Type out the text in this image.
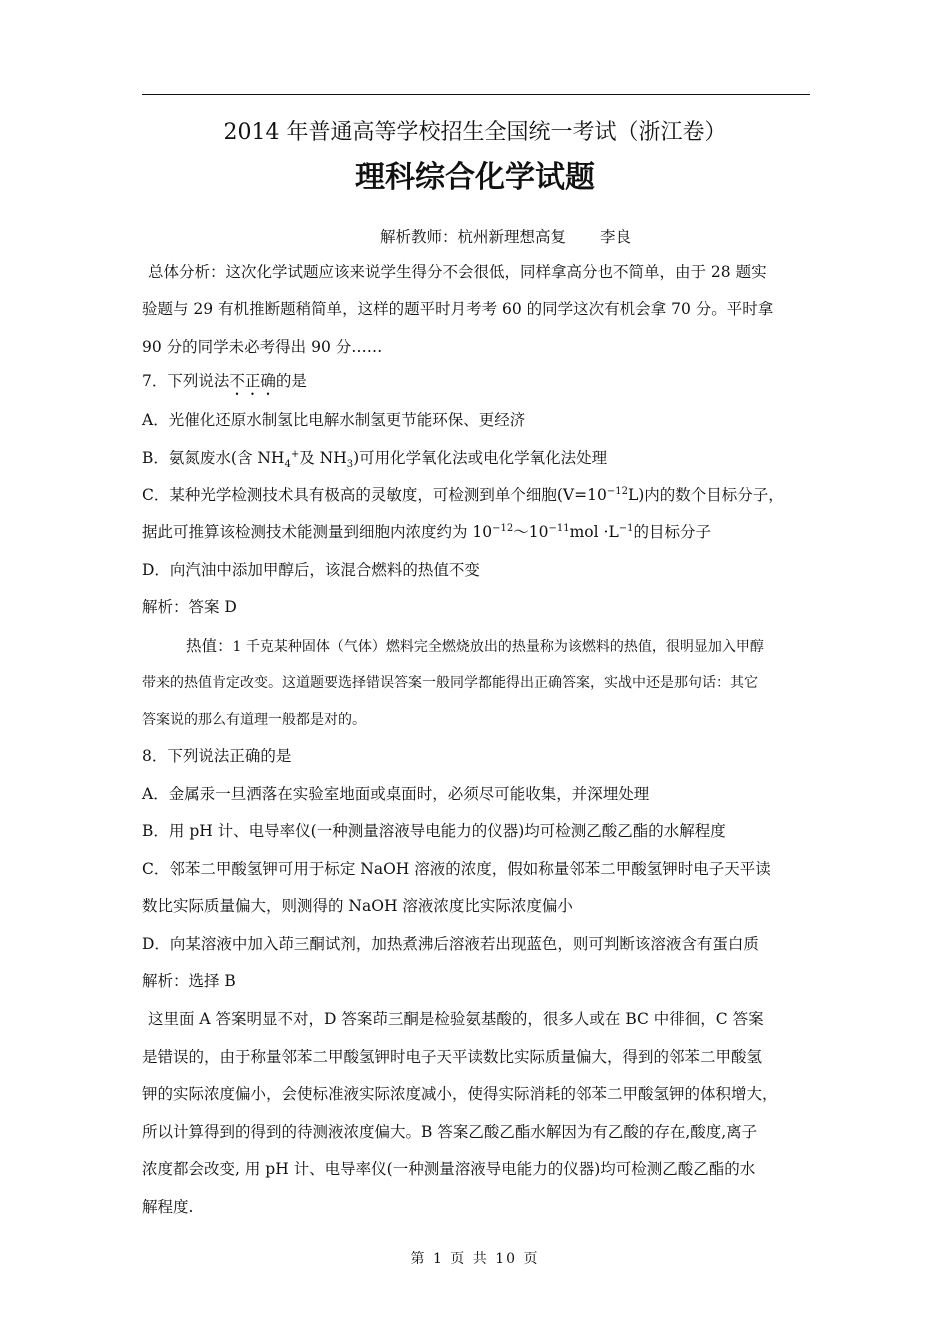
2014 年普通高等学校招生全国统一考试（浙江卷）
理科综合化学试题
解析教师：杭州新理想高复 李良
总体分析：这次化学试题应该来说学生得分不会很低，同样拿高分也不简单，由于 28 题实
验题与 29 有机推断题稍简单，这样的题平时月考考 60 的同学这次有机会拿 70 分。平时拿
90 分的同学未必考得出 90 分……
7．下列说法不正确的是
A．光催化还原水制氢比电解水制氢更节能环保、更经济
B．氨氮废水(含 $NH_4^+$及 $NH_3$)可用化学氧化法或电化学氧化法处理
C．某种光学检测技术具有极高的灵敏度，可检测到单个细胞$(V=10^{-12}L)$内的数个目标分子，
据此可推算该检测技术能测量到细胞内浓度约为 $10^{-12}\sim 10^{-11}mol \cdot L^{-1}$的目标分子
D．向汽油中添加甲醇后，该混合燃料的热值不变
解析：答案 D
热值：1 千克某种固体（气体）燃料完全燃烧放出的热量称为该燃料的热值，很明显加入甲醇
带来的热值肯定改变。这道题要选择错误答案一般同学都能得出正确答案，实战中还是那句话：其它
答案说的那么有道理一般都是对的。
8．下列说法正确的是
A．金属汞一旦洒落在实验室地面或桌面时，必须尽可能收集，并深埋处理
B．用 pH 计、电导率仪(一种测量溶液导电能力的仪器)均可检测乙酸乙酯的水解程度
C．邻苯二甲酸氢钾可用于标定 NaOH 溶液的浓度，假如称量邻苯二甲酸氢钾时电子天平读
数比实际质量偏大，则测得的 NaOH 溶液浓度比实际浓度偏小
D．向某溶液中加入茚三酮试剂，加热煮沸后溶液若出现蓝色，则可判断该溶液含有蛋白质
解析：选择 B
这里面 A 答案明显不对，D 答案茚三酮是检验氨基酸的，很多人或在 BC 中徘徊，C 答案
是错误的，由于称量邻苯二甲酸氢钾时电子天平读数比实际质量偏大，得到的邻苯二甲酸氢
钾的实际浓度偏小，会使标准液实际浓度减小，使得实际消耗的邻苯二甲酸氢钾的体积增大，
所以计算得到的得到的待测液浓度偏大。B 答案乙酸乙酯水解因为有乙酸的存在,酸度,离子
浓度都会改变, 用 pH 计、电导率仪(一种测量溶液导电能力的仪器)均可检测乙酸乙酯的水
解程度.
第 1 页 共 10 页
